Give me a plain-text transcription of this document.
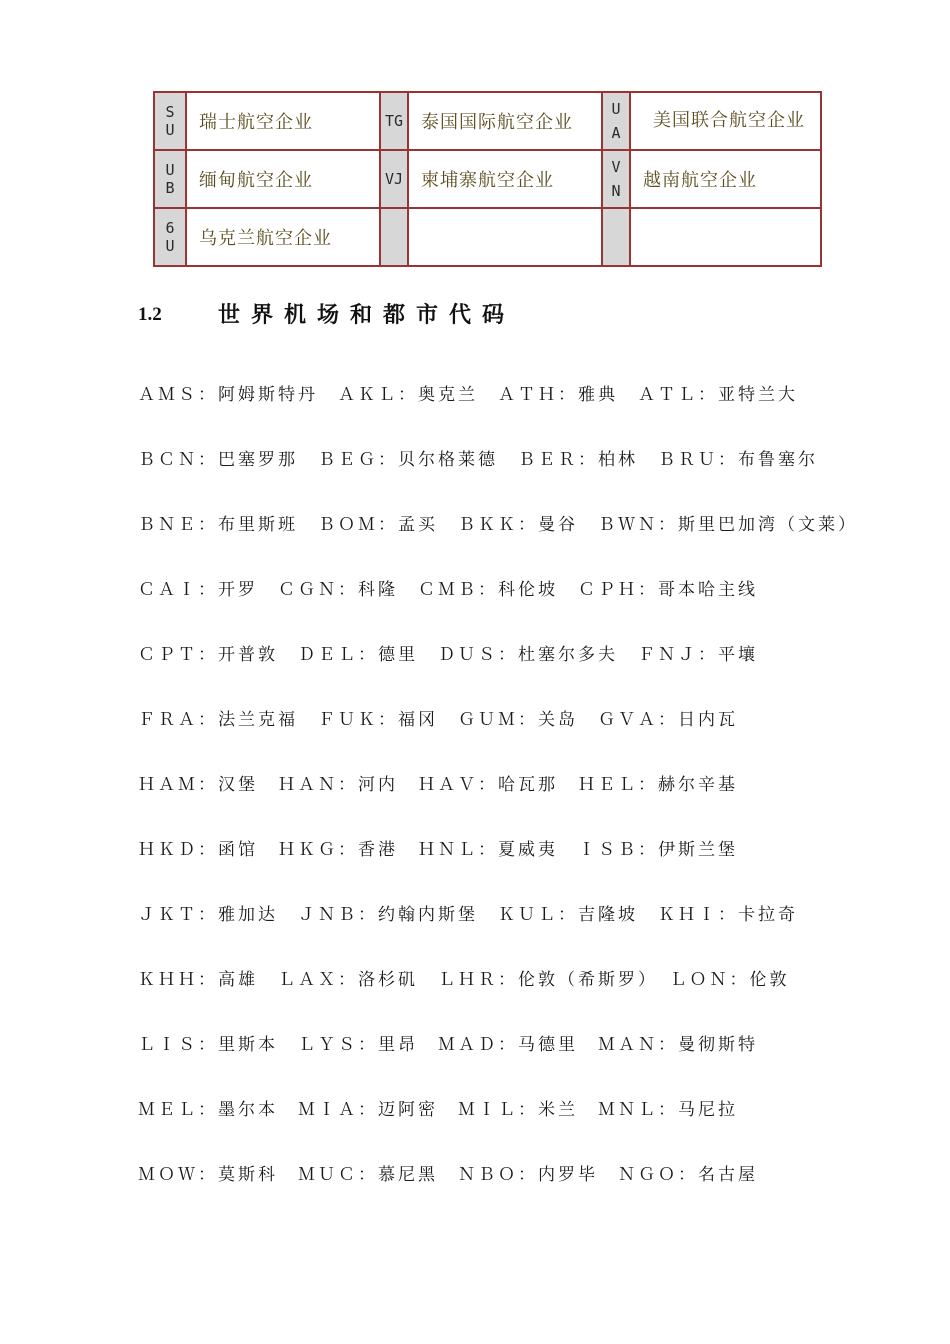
SU	瑞士航空企业	TG	泰国国际航空企业	UA	美国联合航空企业
UB	缅甸航空企业	VJ	柬埔寨航空企业	VN	越南航空企业
6U	乌克兰航空企业				
1.2	世界机场和都市代码
ＡＭＳ：阿姆斯特丹　ＡＫＬ：奥克兰　ＡＴＨ：雅典　ＡＴＬ：亚特兰大
ＢＣＮ：巴塞罗那　ＢＥＧ：贝尔格莱德　ＢＥＲ：柏林　ＢＲＵ：布鲁塞尔
ＢＮＥ：布里斯班　ＢＯＭ：孟买　ＢＫＫ：曼谷　ＢＷＮ：斯里巴加湾（文莱）
ＣＡＩ：开罗　ＣＧＮ：科隆　ＣＭＢ：科伦坡　ＣＰＨ：哥本哈主线
ＣＰＴ：开普敦　ＤＥＬ：德里　ＤＵＳ：杜塞尔多夫　ＦＮＪ：平壤
ＦＲＡ：法兰克福　ＦＵＫ：福冈　ＧＵＭ：关岛　ＧＶＡ：日内瓦
ＨＡＭ：汉堡　ＨＡＮ：河内　ＨＡＶ：哈瓦那　ＨＥＬ：赫尔辛基
ＨＫＤ：函馆　ＨＫＧ：香港　ＨＮＬ：夏威夷　ＩＳＢ：伊斯兰堡
ＪＫＴ：雅加达　ＪＮＢ：约翰内斯堡　ＫＵＬ：吉隆坡　ＫＨＩ：卡拉奇
ＫＨＨ：高雄　ＬＡＸ：洛杉矶　ＬＨＲ：伦敦（希斯罗）　ＬＯＮ：伦敦
ＬＩＳ：里斯本　ＬＹＳ：里昂　ＭＡＤ：马德里　ＭＡＮ：曼彻斯特
ＭＥＬ：墨尔本　ＭＩＡ：迈阿密　ＭＩＬ：米兰　ＭＮＬ：马尼拉
ＭＯＷ：莫斯科　ＭＵＣ：慕尼黑　ＮＢＯ：内罗毕　ＮＧＯ：名古屋
